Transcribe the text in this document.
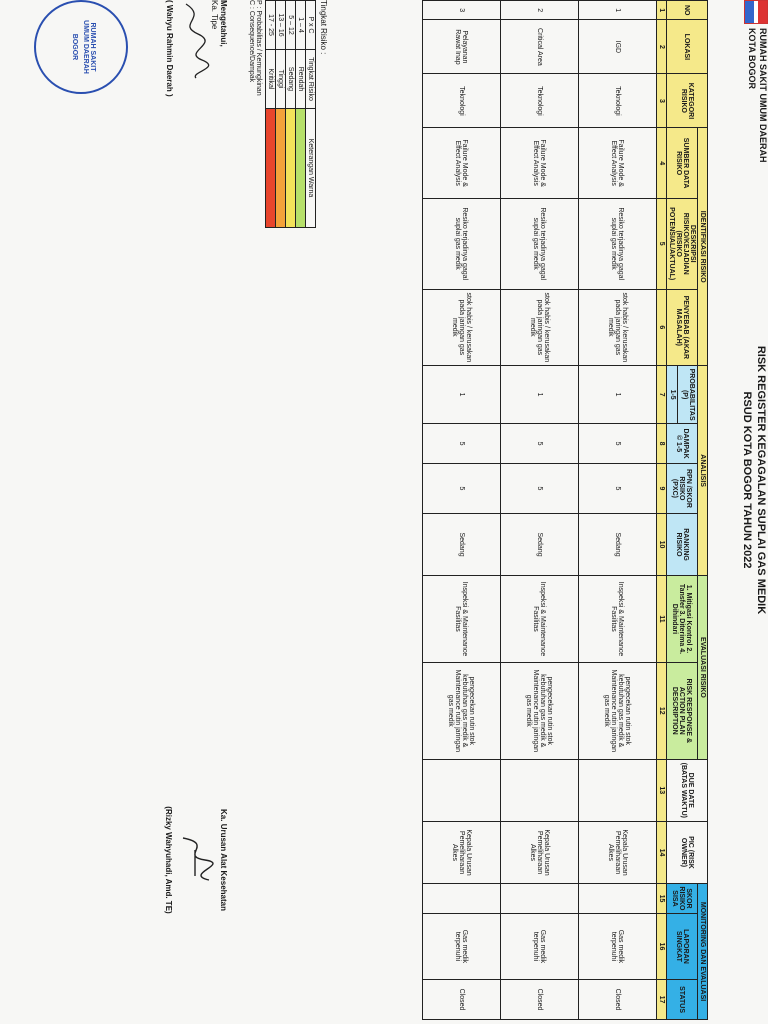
RUMAH SAKIT UMUM DAERAH
KOTA BOGOR
RISK REGISTER KEGAGALAN SUPLAI GAS MEDIK
RSUD KOTA BOGOR TAHUN 2022
NO	LOKASI	KATEGORI RISIKO	IDENTIFIKASI RISIKO			ANALISIS				EVALUASI RISIKO		DUE DATE (BATAS WAKTU)	PIC (RISK OWNER)	MONITORING DAN EVALUASI		
			SUMBER DATA RISIKO	DESKRIPSI RISIKO/KEJADIAN (RISIKO POTENSIAL/AKTUAL)	PENYEBAB (AKAR MASALAH)	PROBABILITAS (P)	DAMPAK © 1-5	RPN /SKOR RISIKO (PXC)	RANKING RISIKO	1. Mitigasi Kontrol 2. Tansfer 3. Diterima 4. Dihindari	RISK RESPONSE & ACTION PLAN DESCRIPTION			SKOR RISIKO SISA	LAPORAN SINGKAT	STATUS
						1-5										
1	2	3	4	5	6	7	8	9	10	11	12	13	14	15	16	17
1	IGD	Teknologi	Failure Mode & Effect Analysis	Resiko terjadinya gagal suplai gas medik	stok habis / kerusakan pada jaringan gas medik	1	5	5	Sedang	Inspeksi & Maintenance Fasilitas	pengecekan rutin stok kebutuhan gas medik & Maintenance rutin jaringan gas medik		Kepala Urusan Pemeliharaan Alkes		Gas medik terpenuhi	Closed
2	Critical Area	Teknologi	Failure Mode & Effect Analysis	Resiko terjadinya gagal suplai gas medik	stok habis / kerusakan pada jaringan gas medik	1	5	5	Sedang	Inspeksi & Maintenance Fasilitas	pengecekan rutin stok kebutuhan gas medik & Maintenance rutin jaringan gas medik		Kepala Urusan Pemeliharaan Alkes		Gas medik terpenuhi	Closed
3	Pelayanan Rawat Inap	Teknologi	Failure Mode & Effect Analysis	Resiko terjadinya gagal suplai gas medik	stok habis / kerusakan pada jaringan gas medik	1	5	5	Sedang	Inspeksi & Maintenance Fasilitas	pengecekan rutin stok kebutuhan gas medik & Maintenance rutin jaringan gas medik		Kepala Urusan Pemeliharaan Alkes		Gas medik terpenuhi	Closed
Tingkat Risiko :
P x C	Tingkat Risiko	Keterangan Warna
1 – 4	Rendah	
5 – 12	Sedang	
13 – 16	Tinggi	
17 - 25	Kritikal	
P : Probabilitas / Kemungkinan
C : Consequence/Dampak
Mengetahui,
Ka. Tipe
( Wahyu Rahmin Daerah )
RUMAH SAKIT
UMUM DAERAH
BOGOR
Ka. Urusan Alat Kesehatan
(Rizky Wahyuhadi, Amd. TE)
